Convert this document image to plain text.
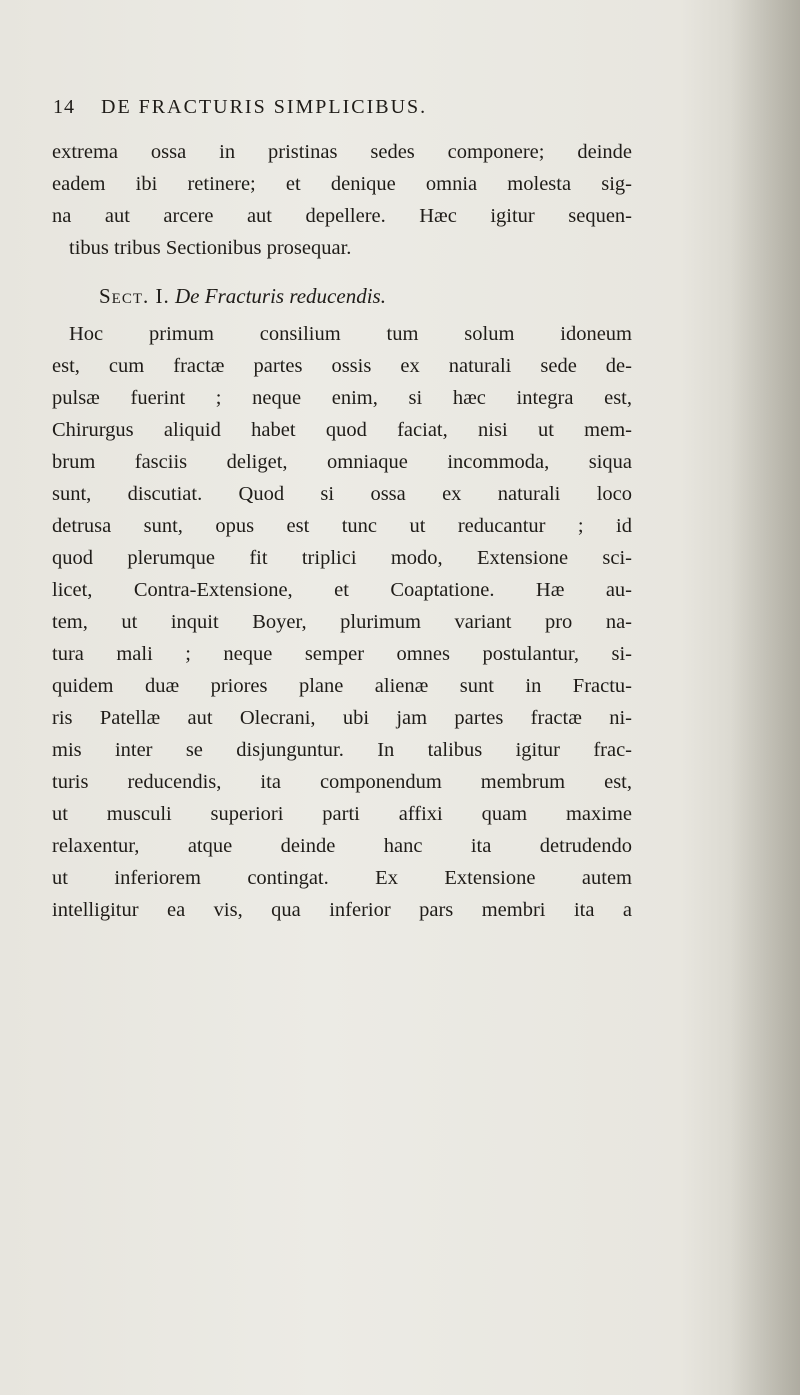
14 DE FRACTURIS SIMPLICIBUS.
extrema ossa in pristinas sedes componere; deinde
eadem ibi retinere; et denique omnia molesta sig-
na aut arcere aut depellere. Hæc igitur sequen-
tibus tribus Sectionibus prosequar.
Sect. I. De Fracturis reducendis.
Hoc primum consilium tum solum idoneum
est, cum fractæ partes ossis ex naturali sede de-
pulsæ fuerint ; neque enim, si hæc integra est,
Chirurgus aliquid habet quod faciat, nisi ut mem-
brum fasciis deliget, omniaque incommoda, siqua
sunt, discutiat. Quod si ossa ex naturali loco
detrusa sunt, opus est tunc ut reducantur ; id
quod plerumque fit triplici modo, Extensione sci-
licet, Contra-Extensione, et Coaptatione. Hæ au-
tem, ut inquit Boyer, plurimum variant pro na-
tura mali ; neque semper omnes postulantur, si-
quidem duæ priores plane alienæ sunt in Fractu-
ris Patellæ aut Olecrani, ubi jam partes fractæ ni-
mis inter se disjunguntur. In talibus igitur frac-
turis reducendis, ita componendum membrum est,
ut musculi superiori parti affixi quam maxime
relaxentur, atque deinde hanc ita detrudendo
ut inferiorem contingat. Ex Extensione autem
intelligitur ea vis, qua inferior pars membri ita a
